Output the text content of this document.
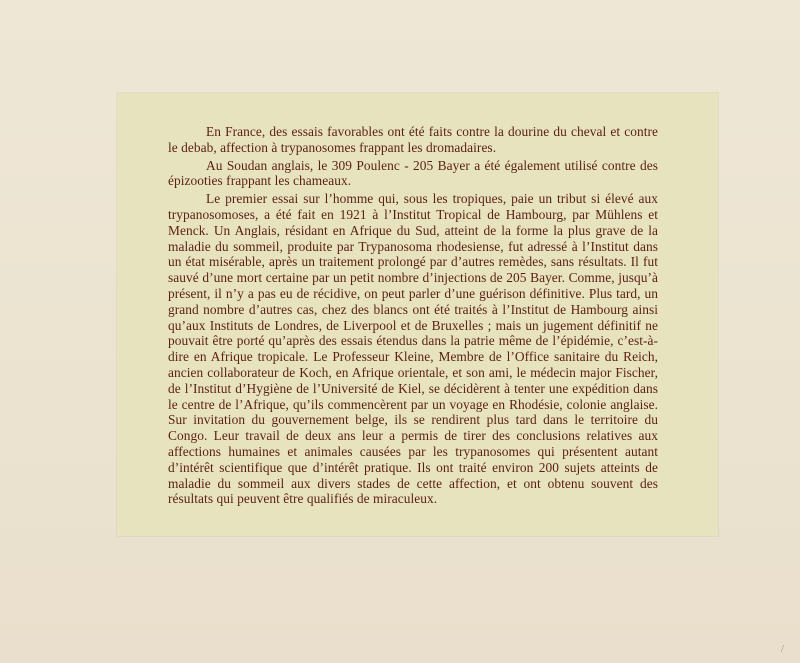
En France, des essais favorables ont été faits contre la dourine du cheval et contre le debab, affection à trypanosomes frappant les dromadaires.

Au Soudan anglais, le 309 Poulenc - 205 Bayer a été également utilisé contre des épizooties frappant les chameaux.

Le premier essai sur l’homme qui, sous les tropiques, paie un tribut si élevé aux trypanosomoses, a été fait en 1921 à l’Institut Tropical de Hambourg, par Mühlens et Menck. Un Anglais, résidant en Afrique du Sud, atteint de la forme la plus grave de la maladie du sommeil, produite par Trypanosoma rhodesiense, fut adressé à l’Institut dans un état misérable, après un traitement prolongé par d’autres remèdes, sans résultats. Il fut sauvé d’une mort certaine par un petit nombre d’injections de 205 Bayer. Comme, jusqu’à présent, il n’y a pas eu de récidive, on peut parler d’une guérison définitive. Plus tard, un grand nombre d’autres cas, chez des blancs ont été traités à l’Institut de Hambourg ainsi qu’aux Instituts de Londres, de Liverpool et de Bruxelles ; mais un jugement définitif ne pouvait être porté qu’après des essais étendus dans la patrie même de l’épidémie, c’est-à-dire en Afrique tropicale. Le Professeur Kleine, Membre de l’Office sanitaire du Reich, ancien collaborateur de Koch, en Afrique orientale, et son ami, le médecin major Fischer, de l’Institut d’Hygiène de l’Université de Kiel, se décidèrent à tenter une expédition dans le centre de l’Afrique, qu’ils commencèrent par un voyage en Rhodésie, colonie anglaise. Sur invitation du gouvernement belge, ils se rendirent plus tard dans le territoire du Congo. Leur travail de deux ans leur a permis de tirer des conclusions relatives aux affections humaines et animales causées par les trypanosomes qui présentent autant d’intérêt scientifique que d’intérêt pratique. Ils ont traité environ 200 sujets atteints de maladie du sommeil aux divers stades de cette affection, et ont obtenu souvent des résultats qui peuvent être qualifiés de miraculeux.

/
